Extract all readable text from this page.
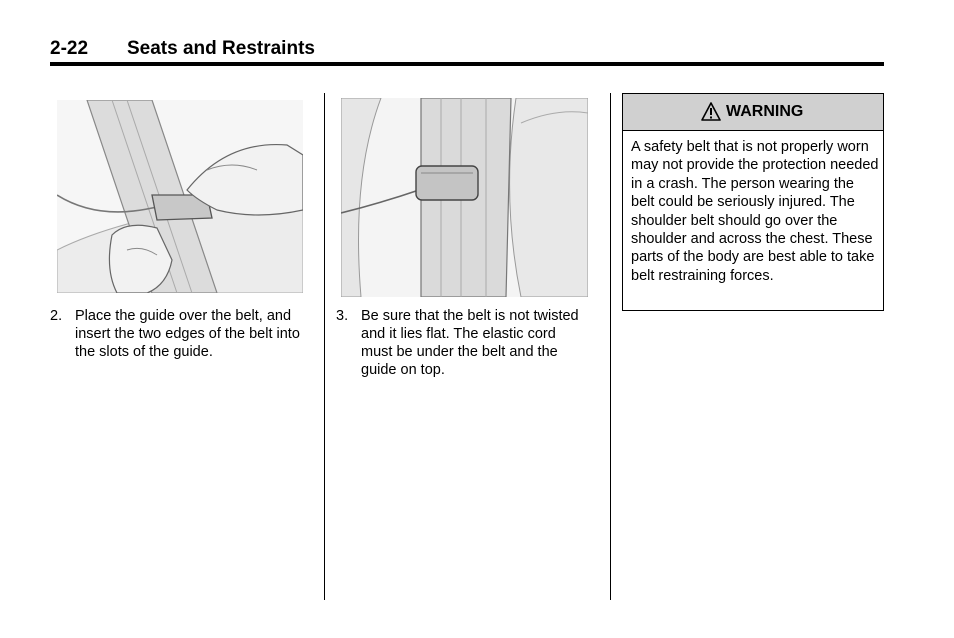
2-22 Seats and Restraints
2. Place the guide over the belt, and insert the two edges of the belt into the slots of the guide.
3. Be sure that the belt is not twisted and it lies flat. The elastic cord must be under the belt and the guide on top.
WARNING
A safety belt that is not properly worn may not provide the protection needed in a crash. The person wearing the belt could be seriously injured. The shoulder belt should go over the shoulder and across the chest. These parts of the body are best able to take belt restraining forces.
